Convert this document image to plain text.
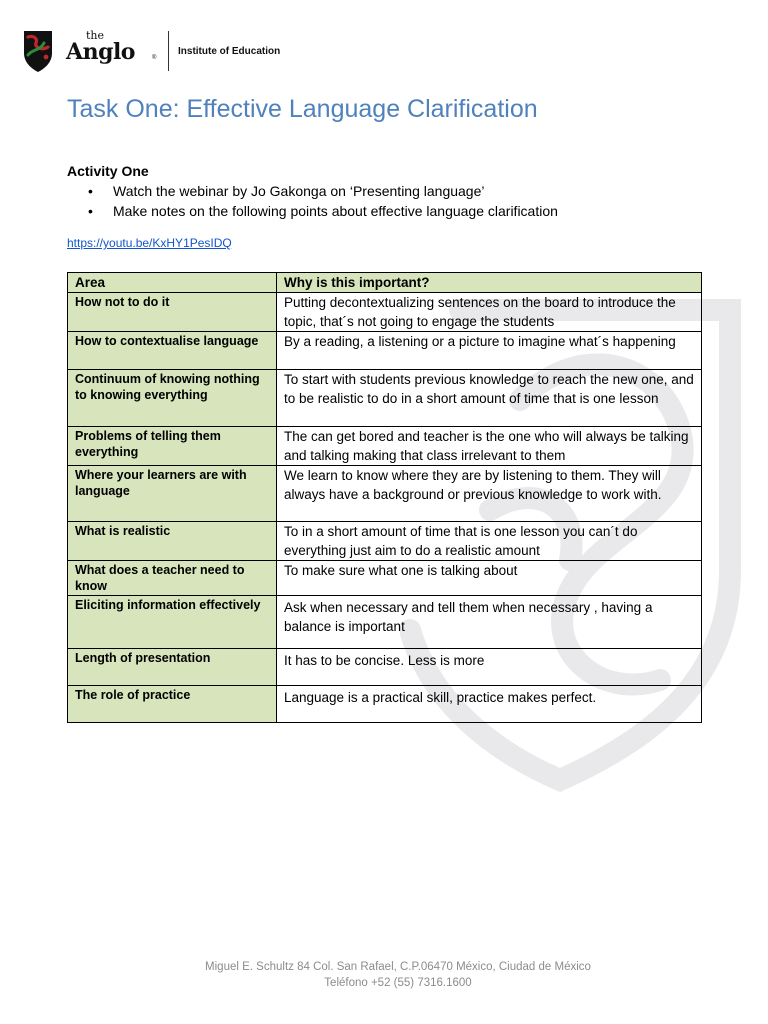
the
Anglo	®
Institute of Education
Task One: Effective Language Clarification
Activity One
• Watch the webinar by Jo Gakonga on ‘Presenting language’
• Make notes on the following points about effective language clarification
https://youtu.be/KxHY1PesIDQ
Area	Why is this important?
How not to do it	Putting decontextualizing sentences on the board to introduce the topic, that´s not going to engage the students
How to contextualise language	By a reading, a listening or a picture to imagine what´s happening
Continuum of knowing nothing to knowing everything	To start with students previous knowledge to reach the new one, and to be realistic to do in a short amount of time that is one lesson
Problems of telling them everything	The can get bored and teacher is the one who will always be talking and talking making that class irrelevant to them
Where your learners are with language	We learn to know where they are by listening to them. They will always have a background or previous knowledge to work with.
What is realistic	To in a short amount of time that is one lesson you can´t do everything just aim to do a realistic amount
What does a teacher need to know	To make sure what one is talking about
Eliciting information effectively	Ask when necessary and tell them when necessary , having a balance is important
Length of presentation	It has to be concise. Less is more
The role of practice	Language is a practical skill, practice makes perfect.
Miguel E. Schultz 84 Col. San Rafael, C.P.06470 México, Ciudad de México
Teléfono +52 (55) 7316.1600
